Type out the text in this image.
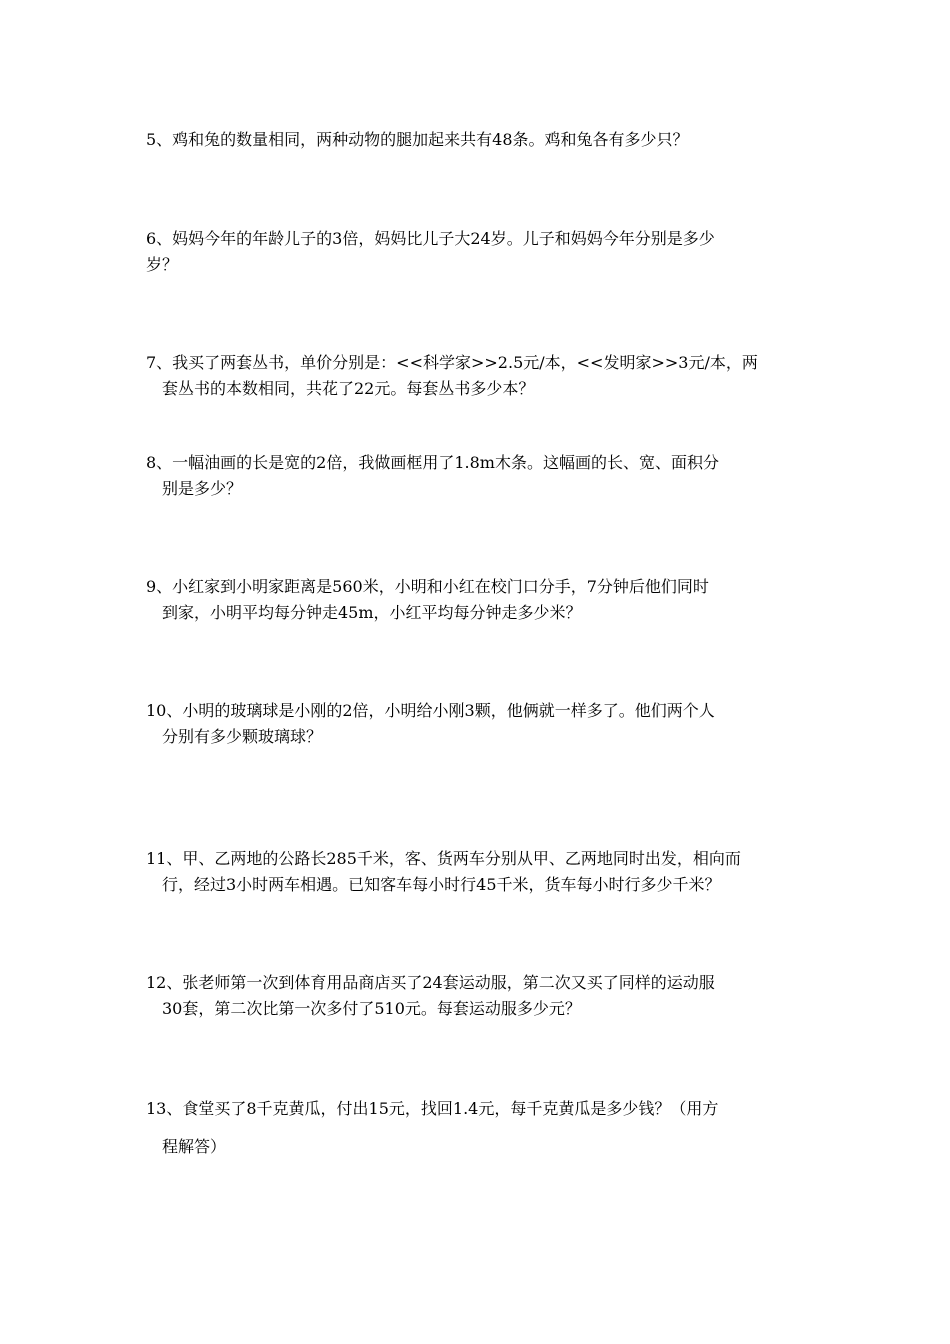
5、鸡和兔的数量相同，两种动物的腿加起来共有48条。鸡和兔各有多少只？
6、妈妈今年的年龄儿子的3倍，妈妈比儿子大24岁。儿子和妈妈今年分别是多少
岁？
7、我买了两套丛书，单价分别是：<<科学家>>2.5元/本，<<发明家>>3元/本，两
套丛书的本数相同，共花了22元。每套丛书多少本？
8、一幅油画的长是宽的2倍，我做画框用了1.8m木条。这幅画的长、宽、面积分
别是多少？
9、小红家到小明家距离是560米，小明和小红在校门口分手，7分钟后他们同时
到家，小明平均每分钟走45m，小红平均每分钟走多少米？
10、小明的玻璃球是小刚的2倍，小明给小刚3颗，他俩就一样多了。他们两个人
分别有多少颗玻璃球？
11、甲、乙两地的公路长285千米，客、货两车分别从甲、乙两地同时出发，相向而
行，经过3小时两车相遇。已知客车每小时行45千米，货车每小时行多少千米？
12、张老师第一次到体育用品商店买了24套运动服，第二次又买了同样的运动服
30套，第二次比第一次多付了510元。每套运动服多少元？
13、食堂买了8千克黄瓜，付出15元，找回1.4元，每千克黄瓜是多少钱？（用方
程解答）
